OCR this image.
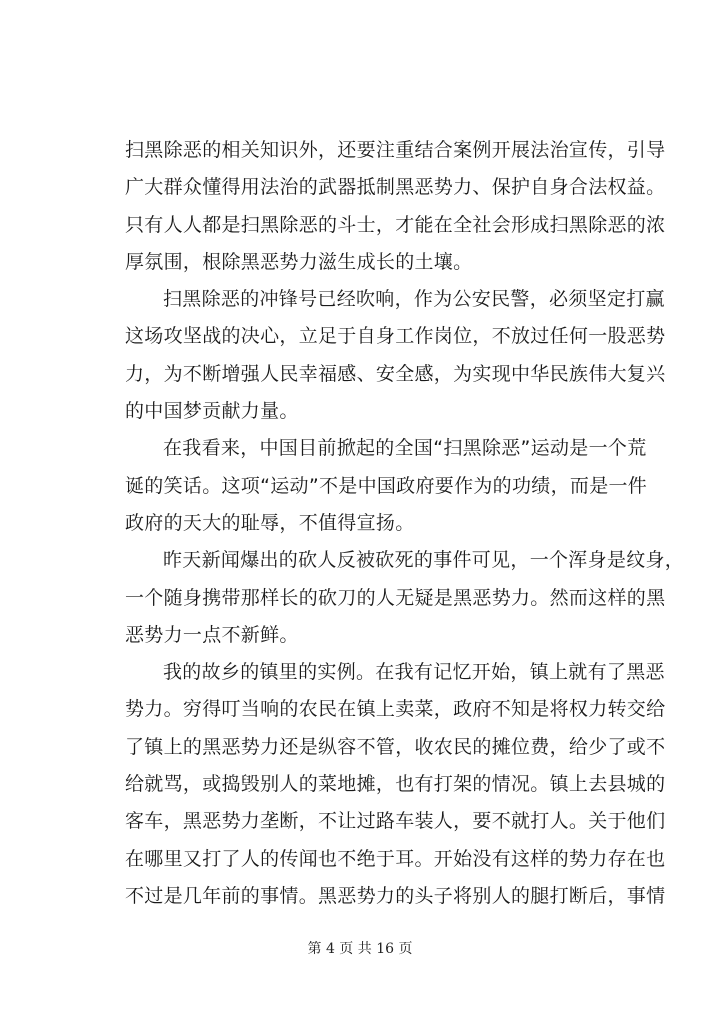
扫黑除恶的相关知识外，还要注重结合案例开展法治宣传，引导
广大群众懂得用法治的武器抵制黑恶势力、保护自身合法权益。
只有人人都是扫黑除恶的斗士，才能在全社会形成扫黑除恶的浓
厚氛围，根除黑恶势力滋生成长的土壤。
扫黑除恶的冲锋号已经吹响，作为公安民警，必须坚定打赢
这场攻坚战的决心，立足于自身工作岗位，不放过任何一股恶势
力，为不断增强人民幸福感、安全感，为实现中华民族伟大复兴
的中国梦贡献力量。
在我看来，中国目前掀起的全国“扫黑除恶”运动是一个荒
诞的笑话。这项“运动”不是中国政府要作为的功绩，而是一件
政府的天大的耻辱，不值得宣扬。
昨天新闻爆出的砍人反被砍死的事件可见，一个浑身是纹身，
一个随身携带那样长的砍刀的人无疑是黑恶势力。然而这样的黑
恶势力一点不新鲜。
我的故乡的镇里的实例。在我有记忆开始，镇上就有了黑恶
势力。穷得叮当响的农民在镇上卖菜，政府不知是将权力转交给
了镇上的黑恶势力还是纵容不管，收农民的摊位费，给少了或不
给就骂，或捣毁别人的菜地摊，也有打架的情况。镇上去县城的
客车，黑恶势力垄断，不让过路车装人，要不就打人。关于他们
在哪里又打了人的传闻也不绝于耳。开始没有这样的势力存在也
不过是几年前的事情。黑恶势力的头子将别人的腿打断后，事情
第 4 页 共 16 页
